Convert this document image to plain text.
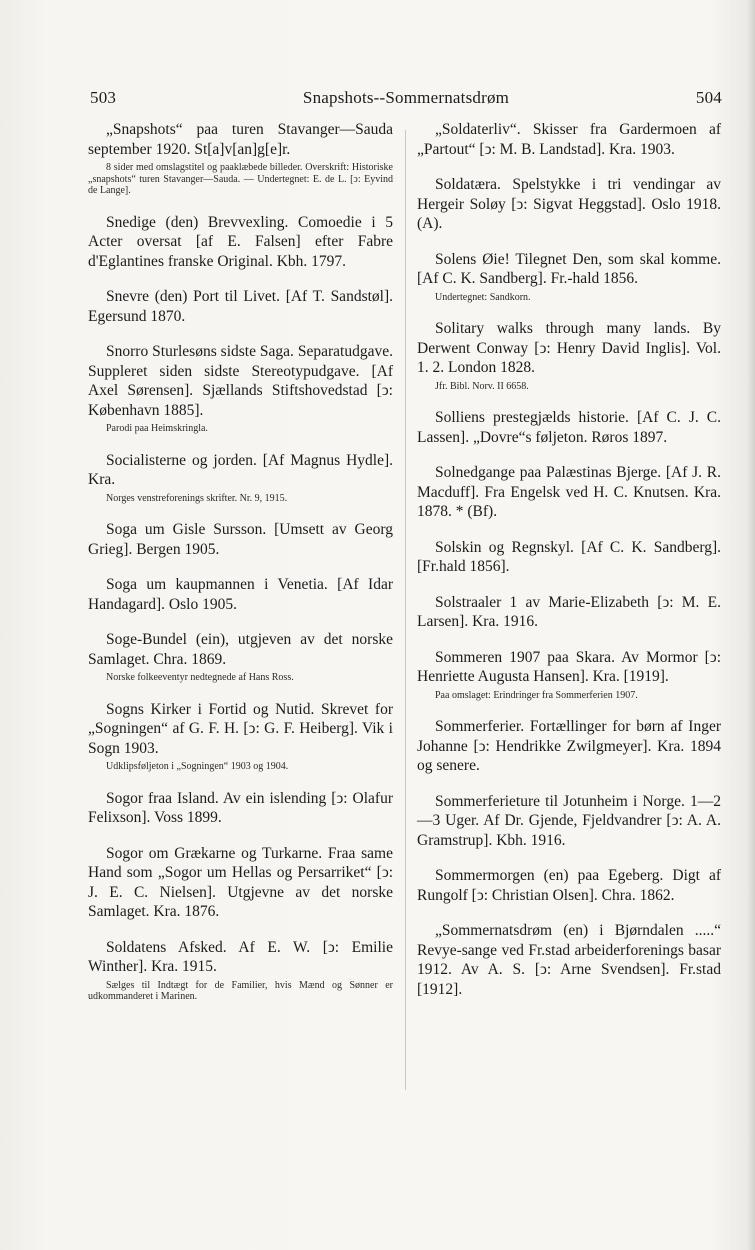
503	Snapshots--Sommernatsdrøm	504

„Snapshots“ paa turen Stavanger—Sauda september 1920. St[a]v[an]g[e]r.

8 sider med omslagstitel og paaklæbede billeder. Overskrift: Historiske „snapshots“ turen Stavanger—Sauda. — Undertegnet: E. de L. [ↄ: Eyvind de Lange].

Snedige (den) Brevvexling. Comoedie i 5 Acter oversat [af E. Falsen] efter Fabre d'Eglantines franske Original. Kbh. 1797.

Snevre (den) Port til Livet. [Af T. Sandstøl]. Egersund 1870.

Snorro Sturlesøns sidste Saga. Separatudgave. Suppleret siden sidste Stereotypudgave. [Af Axel Sørensen]. Sjællands Stiftshovedstad [ↄ: København 1885].

Parodi paa Heimskringla.

Socialisterne og jorden. [Af Magnus Hydle]. Kra.

Norges venstreforenings skrifter. Nr. 9, 1915.

Soga um Gisle Sursson. [Umsett av Georg Grieg]. Bergen 1905.

Soga um kaupmannen i Venetia. [Af Idar Handagard]. Oslo 1905.

Soge-Bundel (ein), utgjeven av det norske Samlaget. Chra. 1869.

Norske folkeeventyr nedtegnede af Hans Ross.

Sogns Kirker i Fortid og Nutid. Skrevet for „Sogningen“ af G. F. H. [ↄ: G. F. Heiberg]. Vik i Sogn 1903.

Udklipsføljeton i „Sogningen“ 1903 og 1904.

Sogor fraa Island. Av ein islending [ↄ: Olafur Felixson]. Voss 1899.

Sogor om Grækarne og Turkarne. Fraa same Hand som „Sogor um Hellas og Persarriket“ [ↄ: J. E. C. Nielsen]. Utgjevne av det norske Samlaget. Kra. 1876.

Soldatens Afsked. Af E. W. [ↄ: Emilie Winther]. Kra. 1915.

Sælges til Indtægt for de Familier, hvis Mænd og Sønner er udkommanderet i Marinen.

„Soldaterliv“. Skisser fra Gardermoen af „Partout“ [ↄ: M. B. Landstad]. Kra. 1903.

Soldatæra. Spelstykke i tri vendingar av Hergeir Soløy [ↄ: Sigvat Heggstad]. Oslo 1918. (A).

Solens Øie! Tilegnet Den, som skal komme. [Af C. K. Sandberg]. Fr.-hald 1856.

Undertegnet: Sandkorn.

Solitary walks through many lands. By Derwent Conway [ↄ: Henry David Inglis]. Vol. 1. 2. London 1828.

Jfr. Bibl. Norv. II 6658.

Solliens prestegjælds historie. [Af C. J. C. Lassen]. „Dovre“s føljeton. Røros 1897.

Solnedgange paa Palæstinas Bjerge. [Af J. R. Macduff]. Fra Engelsk ved H. C. Knutsen. Kra. 1878. * (Bf).

Solskin og Regnskyl. [Af C. K. Sandberg]. [Fr.hald 1856].

Solstraaler 1 av Marie-Elizabeth [ↄ: M. E. Larsen]. Kra. 1916.

Sommeren 1907 paa Skara. Av Mormor [ↄ: Henriette Augusta Hansen]. Kra. [1919].

Paa omslaget: Erindringer fra Sommerferien 1907.

Sommerferier. Fortællinger for børn af Inger Johanne [ↄ: Hendrikke Zwilgmeyer]. Kra. 1894 og senere.

Sommerferieture til Jotunheim i Norge. 1—2—3 Uger. Af Dr. Gjende, Fjeldvandrer [ↄ: A. A. Gramstrup]. Kbh. 1916.

Sommermorgen (en) paa Egeberg. Digt af Rungolf [ↄ: Christian Olsen]. Chra. 1862.

„Sommernatsdrøm (en) i Bjørndalen .....“ Revye-sange ved Fr.stad arbeiderforenings basar 1912. Av A. S. [ↄ: Arne Svendsen]. Fr.stad [1912].
